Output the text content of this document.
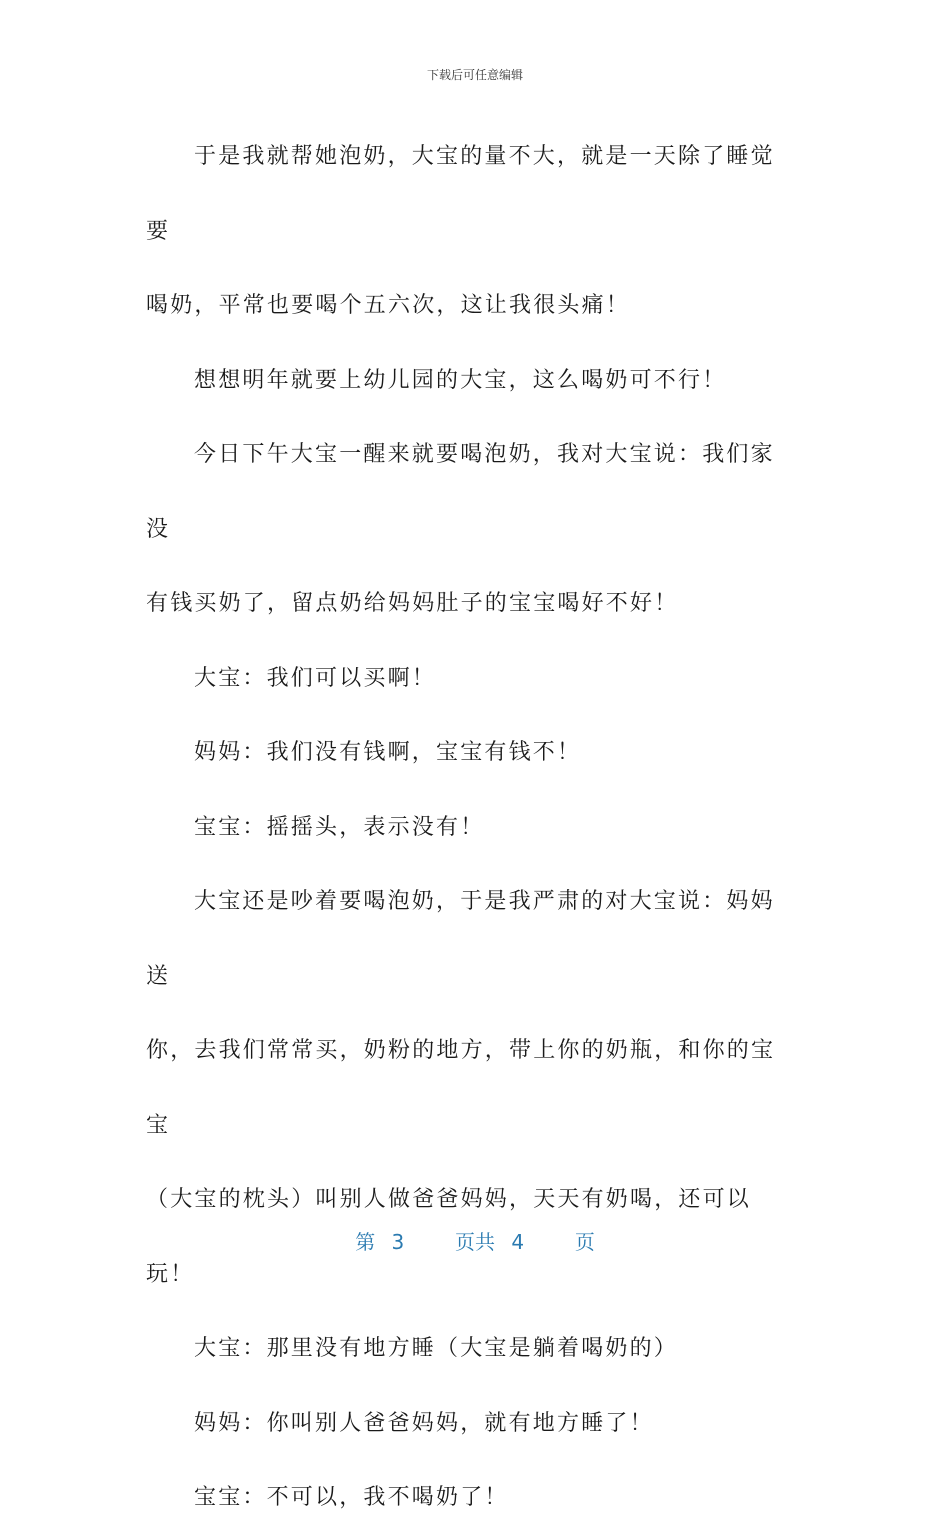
下载后可任意编辑

于是我就帮她泡奶，大宝的量不大，就是一天除了睡觉要
喝奶，平常也要喝个五六次，这让我很头痛！

想想明年就要上幼儿园的大宝，这么喝奶可不行！

今日下午大宝一醒来就要喝泡奶，我对大宝说：我们家没
有钱买奶了，留点奶给妈妈肚子的宝宝喝好不好！

大宝：我们可以买啊！

妈妈：我们没有钱啊，宝宝有钱不！

宝宝：摇摇头，表示没有！

大宝还是吵着要喝泡奶，于是我严肃的对大宝说：妈妈送
你，去我们常常买，奶粉的地方，带上你的奶瓶，和你的宝宝
（大宝的枕头）叫别人做爸爸妈妈，天天有奶喝，还可以玩！

大宝：那里没有地方睡（大宝是躺着喝奶的）

妈妈：你叫别人爸爸妈妈，就有地方睡了！

宝宝：不可以，我不喝奶了！

第 3	页共 4	页
